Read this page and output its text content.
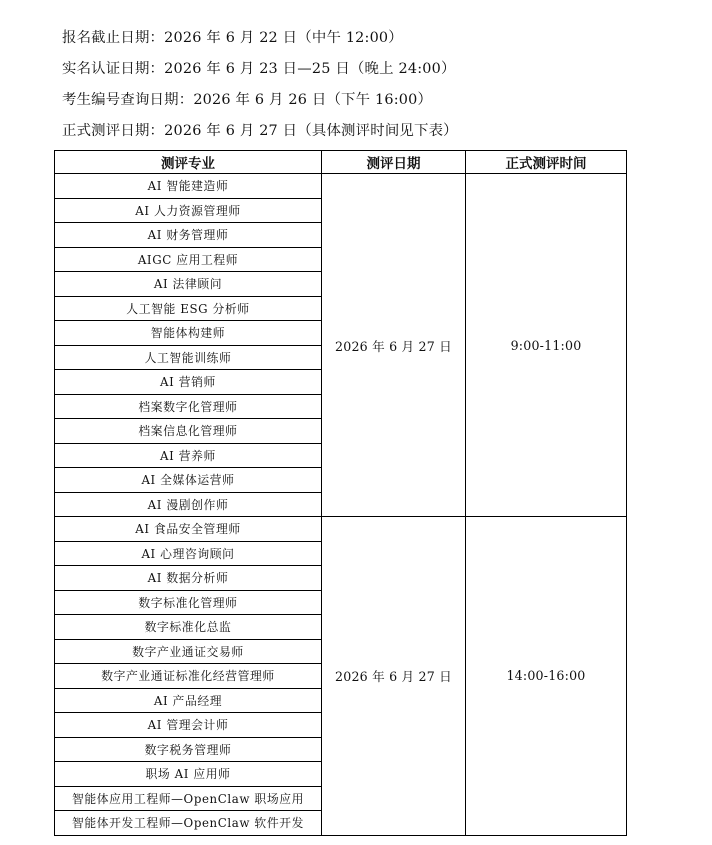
报名截止日期：2026 年 6 月 22 日（中午 12:00）
实名认证日期：2026 年 6 月 23 日—25 日（晚上 24:00）
考生编号查询日期：2026 年 6 月 26 日（下午 16:00）
正式测评日期：2026 年 6 月 27 日（具体测评时间见下表）
测评专业	测评日期	正式测评时间
AI 智能建造师	2026 年 6 月 27 日	9:00-11:00
AI 人力资源管理师		
AI 财务管理师		
AIGC 应用工程师		
AI 法律顾问		
人工智能 ESG 分析师		
智能体构建师		
人工智能训练师		
AI 营销师		
档案数字化管理师		
档案信息化管理师		
AI 营养师		
AI 全媒体运营师		
AI 漫剧创作师		
AI 食品安全管理师	2026 年 6 月 27 日	14:00-16:00
AI 心理咨询顾问		
AI 数据分析师		
数字标准化管理师		
数字标准化总监		
数字产业通证交易师		
数字产业通证标准化经营管理师		
AI 产品经理		
AI 管理会计师		
数字税务管理师		
职场 AI 应用师		
智能体应用工程师—OpenClaw 职场应用		
智能体开发工程师—OpenClaw 软件开发		
